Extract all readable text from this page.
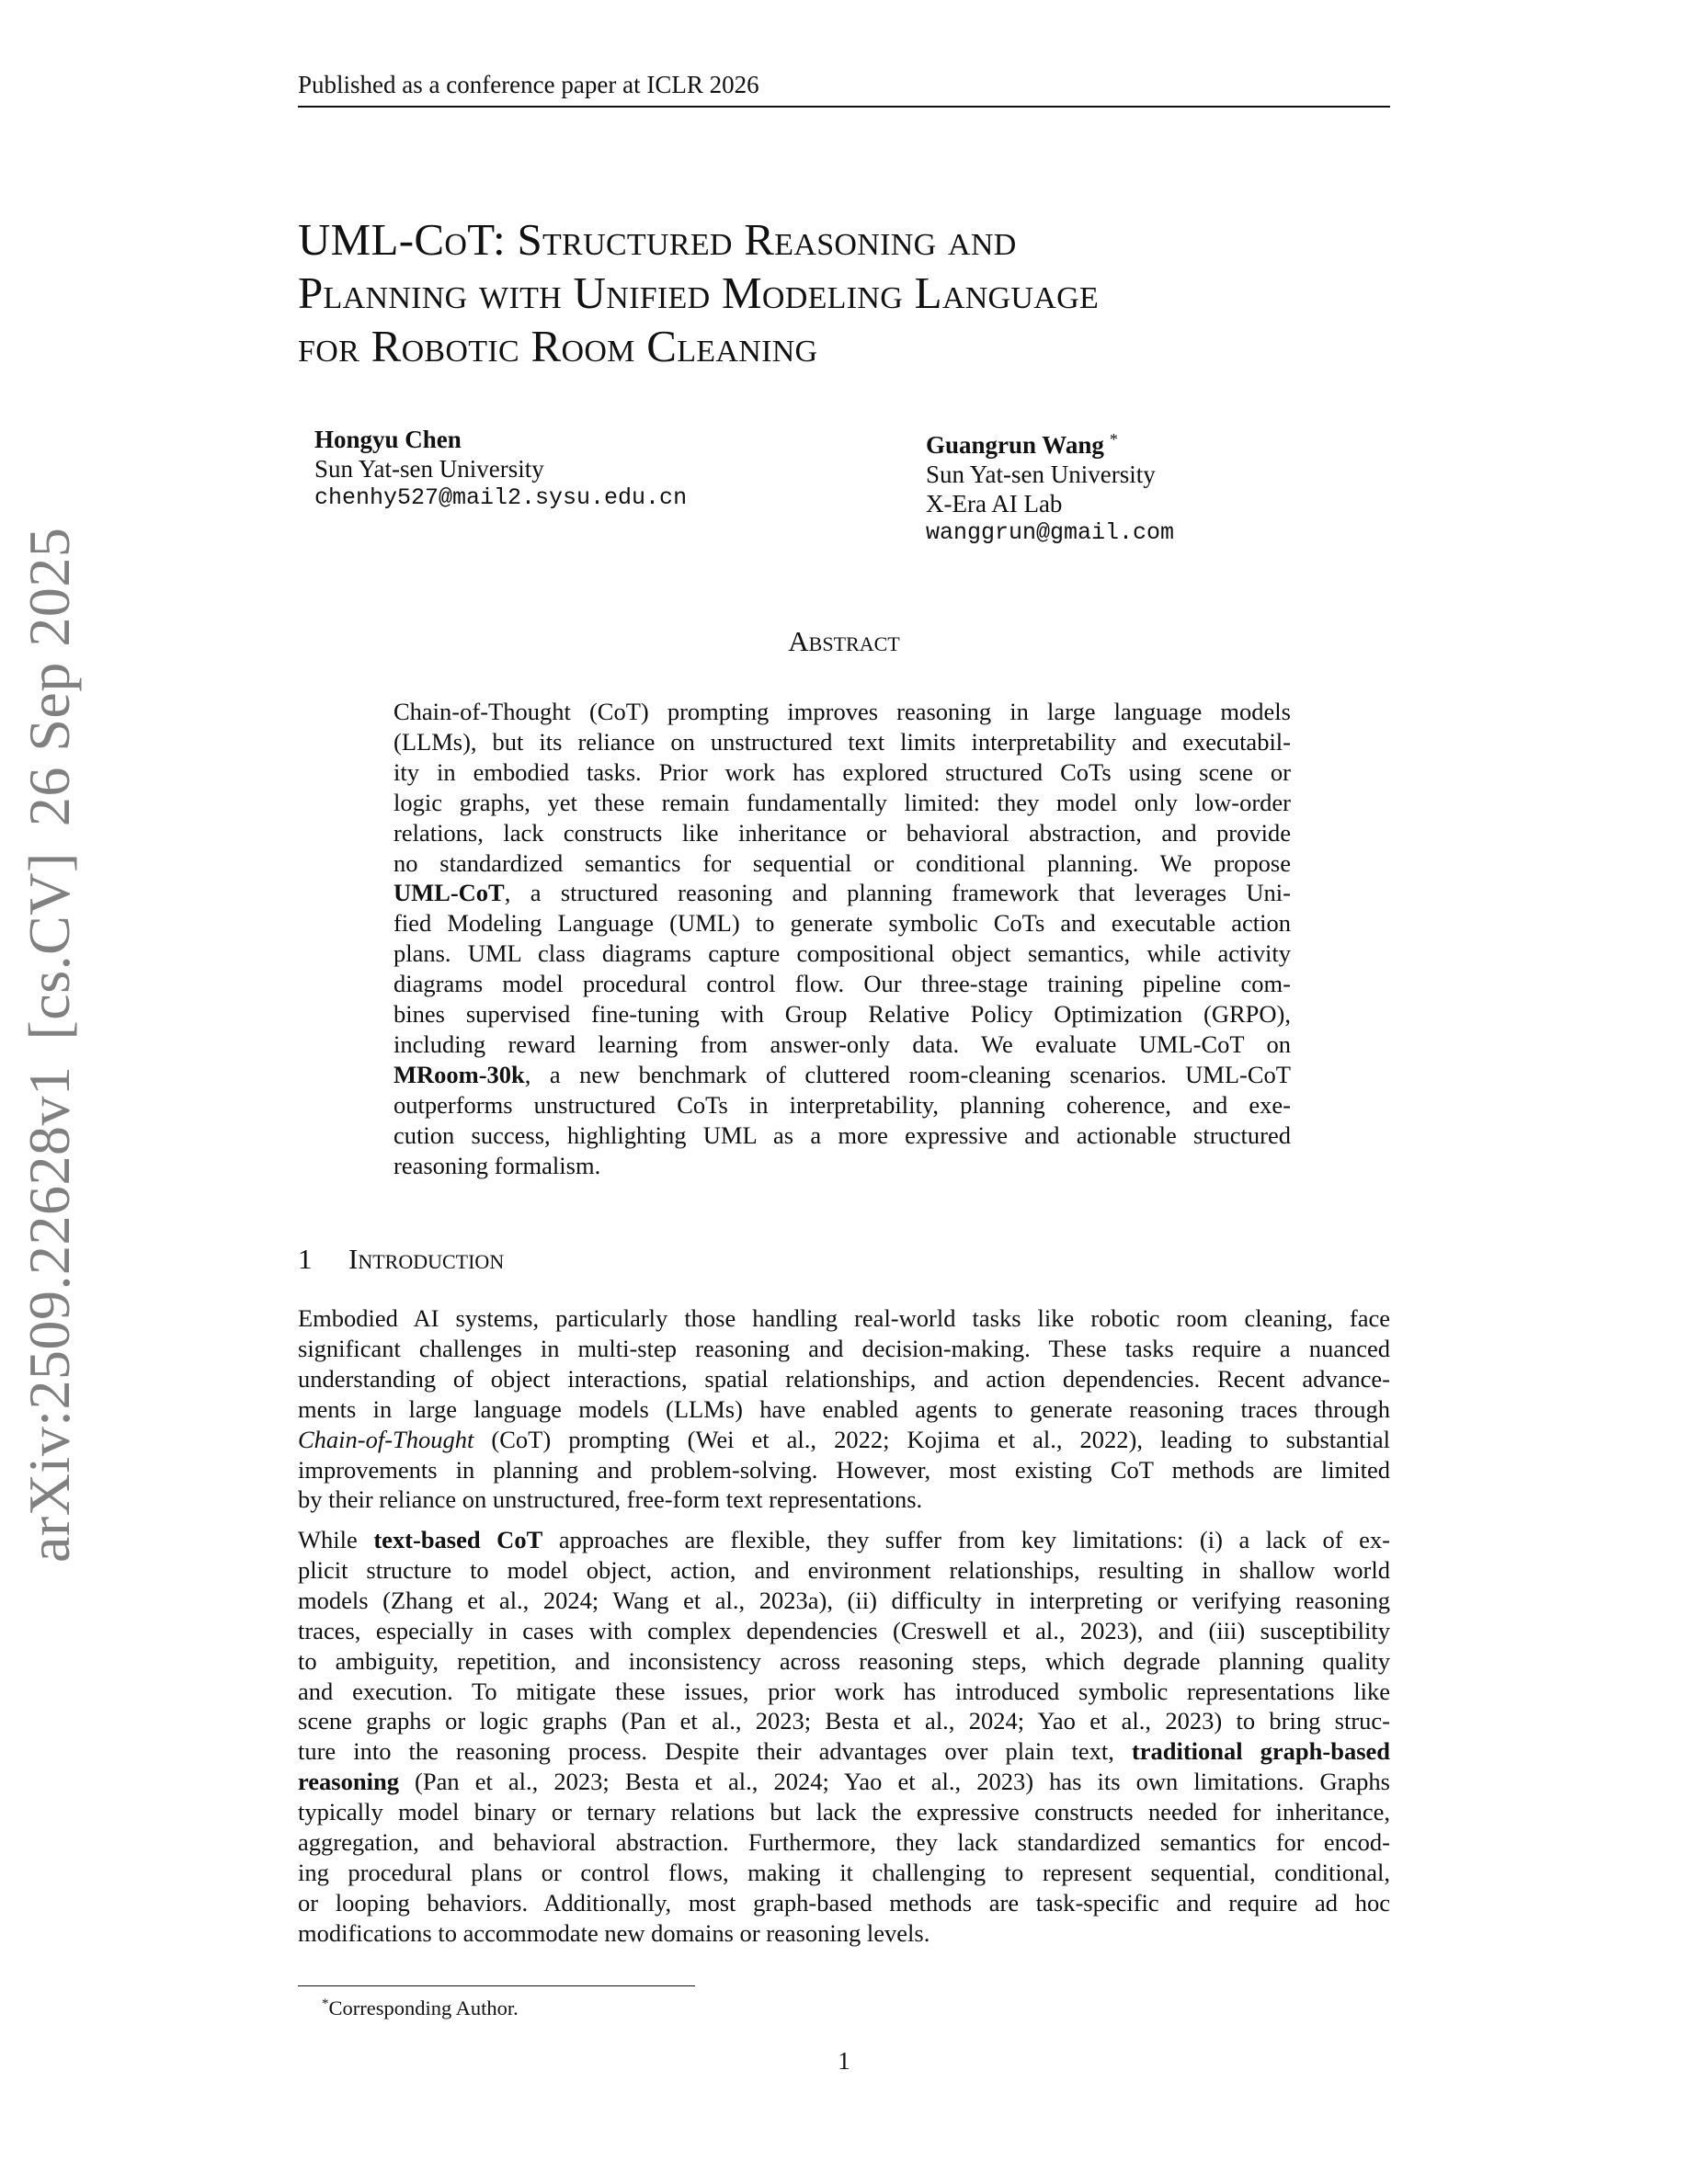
Published as a conference paper at ICLR 2026
arXiv:2509.22628v1[cs.CV]26 Sep 2025
UML-CoT: Structured Reasoning and
Planning with Unified Modeling Language
for Robotic Room Cleaning
Hongyu Chen
Sun Yat-sen University
chenhy527@mail2.sysu.edu.cn
Guangrun Wang *
Sun Yat-sen University
X-Era AI Lab
wanggrun@gmail.com
Abstract
Chain-of-Thought (CoT) prompting improves reasoning in large language models
(LLMs), but its reliance on unstructured text limits interpretability and executabil-
ity in embodied tasks. Prior work has explored structured CoTs using scene or
logic graphs, yet these remain fundamentally limited: they model only low-order
relations, lack constructs like inheritance or behavioral abstraction, and provide
no standardized semantics for sequential or conditional planning. We propose
UML-CoT, a structured reasoning and planning framework that leverages Uni-
fied Modeling Language (UML) to generate symbolic CoTs and executable action
plans. UML class diagrams capture compositional object semantics, while activity
diagrams model procedural control flow. Our three-stage training pipeline com-
bines supervised fine-tuning with Group Relative Policy Optimization (GRPO),
including reward learning from answer-only data. We evaluate UML-CoT on
MRoom-30k, a new benchmark of cluttered room-cleaning scenarios. UML-CoT
outperforms unstructured CoTs in interpretability, planning coherence, and exe-
cution success, highlighting UML as a more expressive and actionable structured
reasoning formalism.
1 Introduction
Embodied AI systems, particularly those handling real-world tasks like robotic room cleaning, face
significant challenges in multi-step reasoning and decision-making. These tasks require a nuanced
understanding of object interactions, spatial relationships, and action dependencies. Recent advance-
ments in large language models (LLMs) have enabled agents to generate reasoning traces through
Chain-of-Thought (CoT) prompting (Wei et al., 2022; Kojima et al., 2022), leading to substantial
improvements in planning and problem-solving. However, most existing CoT methods are limited
by their reliance on unstructured, free-form text representations.
While text-based CoT approaches are flexible, they suffer from key limitations: (i) a lack of ex-
plicit structure to model object, action, and environment relationships, resulting in shallow world
models (Zhang et al., 2024; Wang et al., 2023a), (ii) difficulty in interpreting or verifying reasoning
traces, especially in cases with complex dependencies (Creswell et al., 2023), and (iii) susceptibility
to ambiguity, repetition, and inconsistency across reasoning steps, which degrade planning quality
and execution. To mitigate these issues, prior work has introduced symbolic representations like
scene graphs or logic graphs (Pan et al., 2023; Besta et al., 2024; Yao et al., 2023) to bring struc-
ture into the reasoning process. Despite their advantages over plain text, traditional graph-based
reasoning (Pan et al., 2023; Besta et al., 2024; Yao et al., 2023) has its own limitations. Graphs
typically model binary or ternary relations but lack the expressive constructs needed for inheritance,
aggregation, and behavioral abstraction. Furthermore, they lack standardized semantics for encod-
ing procedural plans or control flows, making it challenging to represent sequential, conditional,
or looping behaviors. Additionally, most graph-based methods are task-specific and require ad hoc
modifications to accommodate new domains or reasoning levels.
*Corresponding Author.
1
